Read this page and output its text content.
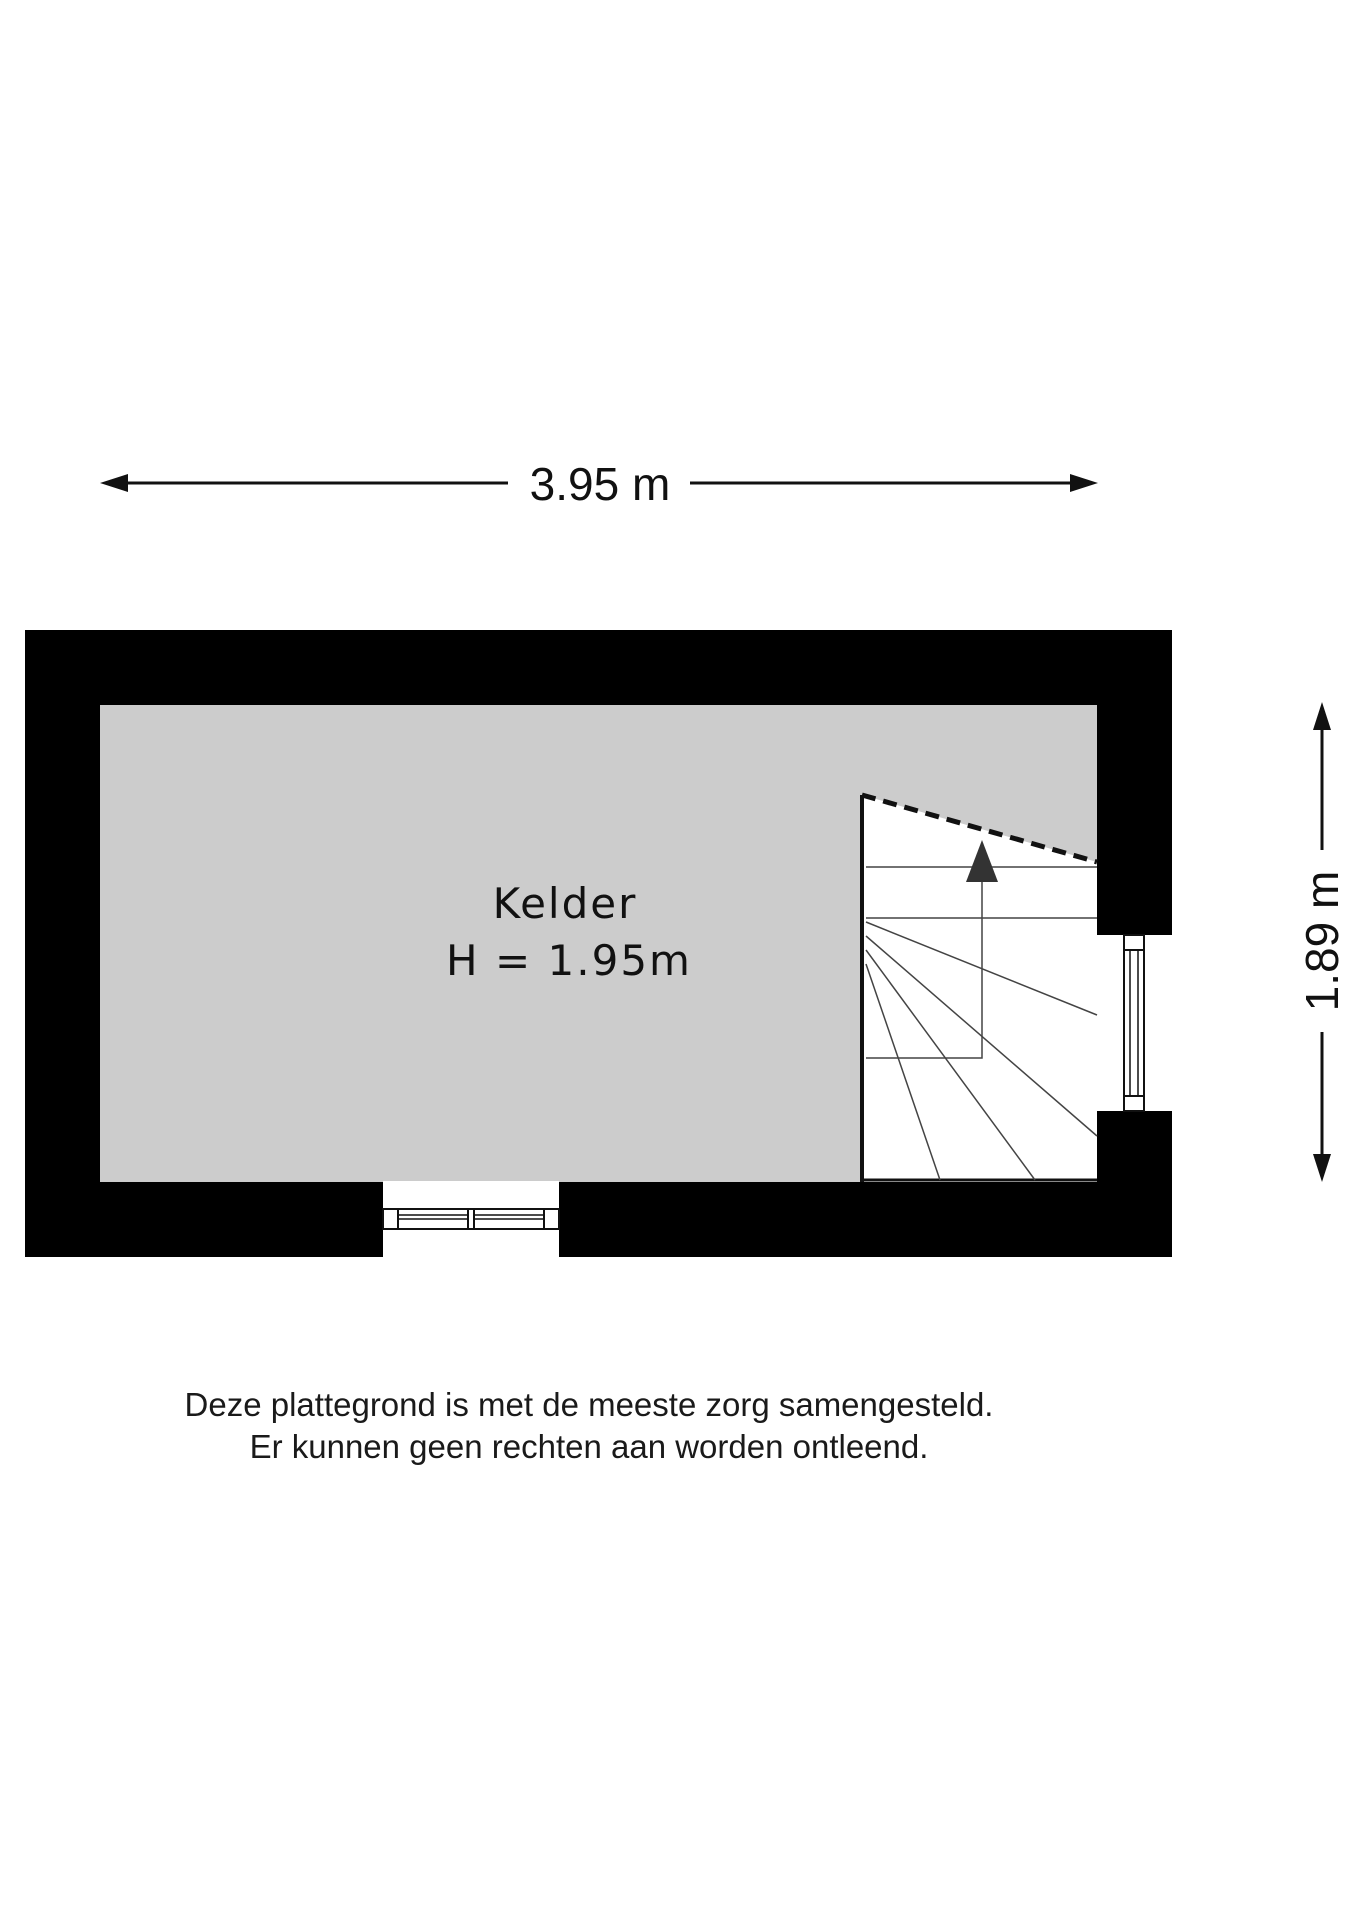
3.95 m
1.89 m
Kelder
H = 1.95m
Deze plattegrond is met de meeste zorg samengesteld.
Er kunnen geen rechten aan worden ontleend.
